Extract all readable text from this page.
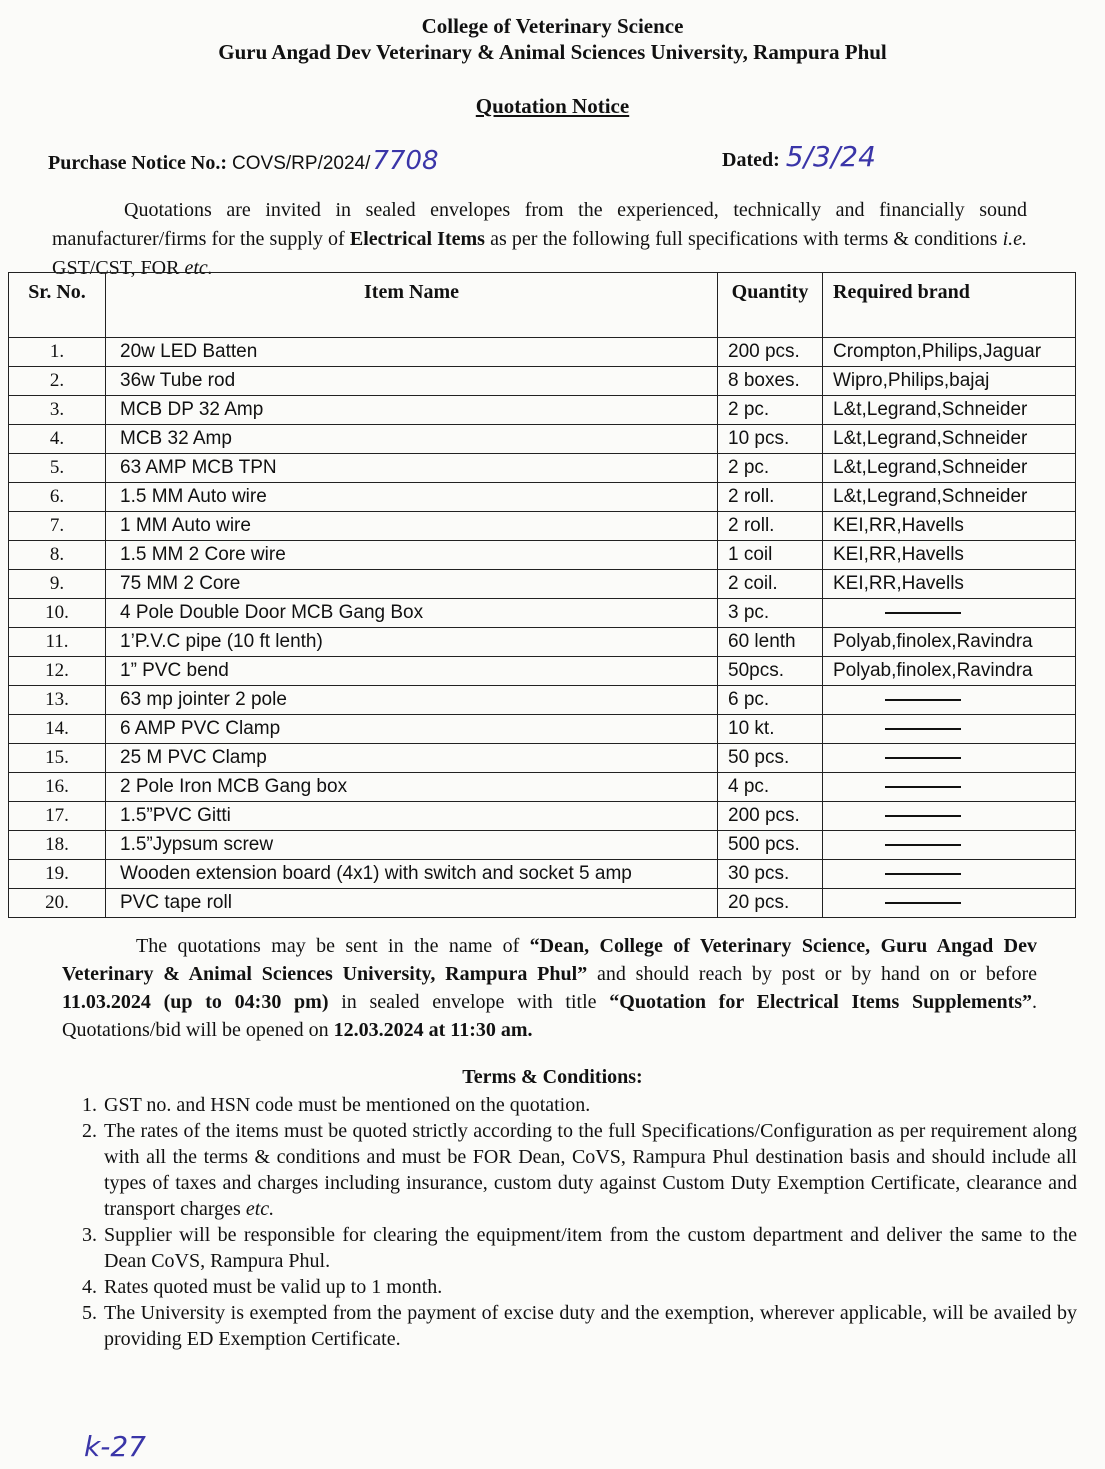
College of Veterinary Science
Guru Angad Dev Veterinary & Animal Sciences University, Rampura Phul
Quotation Notice
Purchase Notice No.: COVS/RP/2024/7708	Dated: 5/3/24
Quotations are invited in sealed envelopes from the experienced, technically and financially sound manufacturer/firms for the supply of Electrical Items as per the following full specifications with terms & conditions i.e. GST/CST, FOR etc.
Sr. No.	Item Name	Quantity	Required brand
1.	20w LED Batten	200 pcs.	Crompton,Philips,Jaguar
2.	36w Tube rod	8 boxes.	Wipro,Philips,bajaj
3.	MCB DP 32 Amp	2 pc.	L&t,Legrand,Schneider
4.	MCB 32 Amp	10 pcs.	L&t,Legrand,Schneider
5.	63 AMP MCB TPN	2 pc.	L&t,Legrand,Schneider
6.	1.5 MM Auto wire	2 roll.	L&t,Legrand,Schneider
7.	1 MM Auto wire	2 roll.	KEI,RR,Havells
8.	1.5 MM 2 Core wire	1 coil	KEI,RR,Havells
9.	75 MM 2 Core	2 coil.	KEI,RR,Havells
10.	4 Pole Double Door MCB Gang Box	3 pc.	
11.	1’P.V.C pipe (10 ft lenth)	60 lenth	Polyab,finolex,Ravindra
12.	1” PVC bend	50pcs.	Polyab,finolex,Ravindra
13.	63 mp jointer 2 pole	6 pc.	
14.	6 AMP PVC Clamp	10 kt.	
15.	25 M PVC Clamp	50 pcs.	
16.	2 Pole Iron MCB Gang box	4 pc.	
17.	1.5”PVC Gitti	200 pcs.	
18.	1.5”Jypsum screw	500 pcs.	
19.	Wooden extension board (4x1) with switch and socket 5 amp	30 pcs.	
20.	PVC tape roll	20 pcs.	
The quotations may be sent in the name of “Dean, College of Veterinary Science, Guru Angad Dev Veterinary & Animal Sciences University, Rampura Phul” and should reach by post or by hand on or before 11.03.2024 (up to 04:30 pm) in sealed envelope with title “Quotation for Electrical Items Supplements”. Quotations/bid will be opened on 12.03.2024 at 11:30 am.
Terms & Conditions:
1. GST no. and HSN code must be mentioned on the quotation.
2. The rates of the items must be quoted strictly according to the full Specifications/Configuration as per requirement along with all the terms & conditions and must be FOR Dean, CoVS, Rampura Phul destination basis and should include all types of taxes and charges including insurance, custom duty against Custom Duty Exemption Certificate, clearance and transport charges etc.
3. Supplier will be responsible for clearing the equipment/item from the custom department and deliver the same to the Dean CoVS, Rampura Phul.
4. Rates quoted must be valid up to 1 month.
5. The University is exempted from the payment of excise duty and the exemption, wherever applicable, will be availed by providing ED Exemption Certificate.
k-27
